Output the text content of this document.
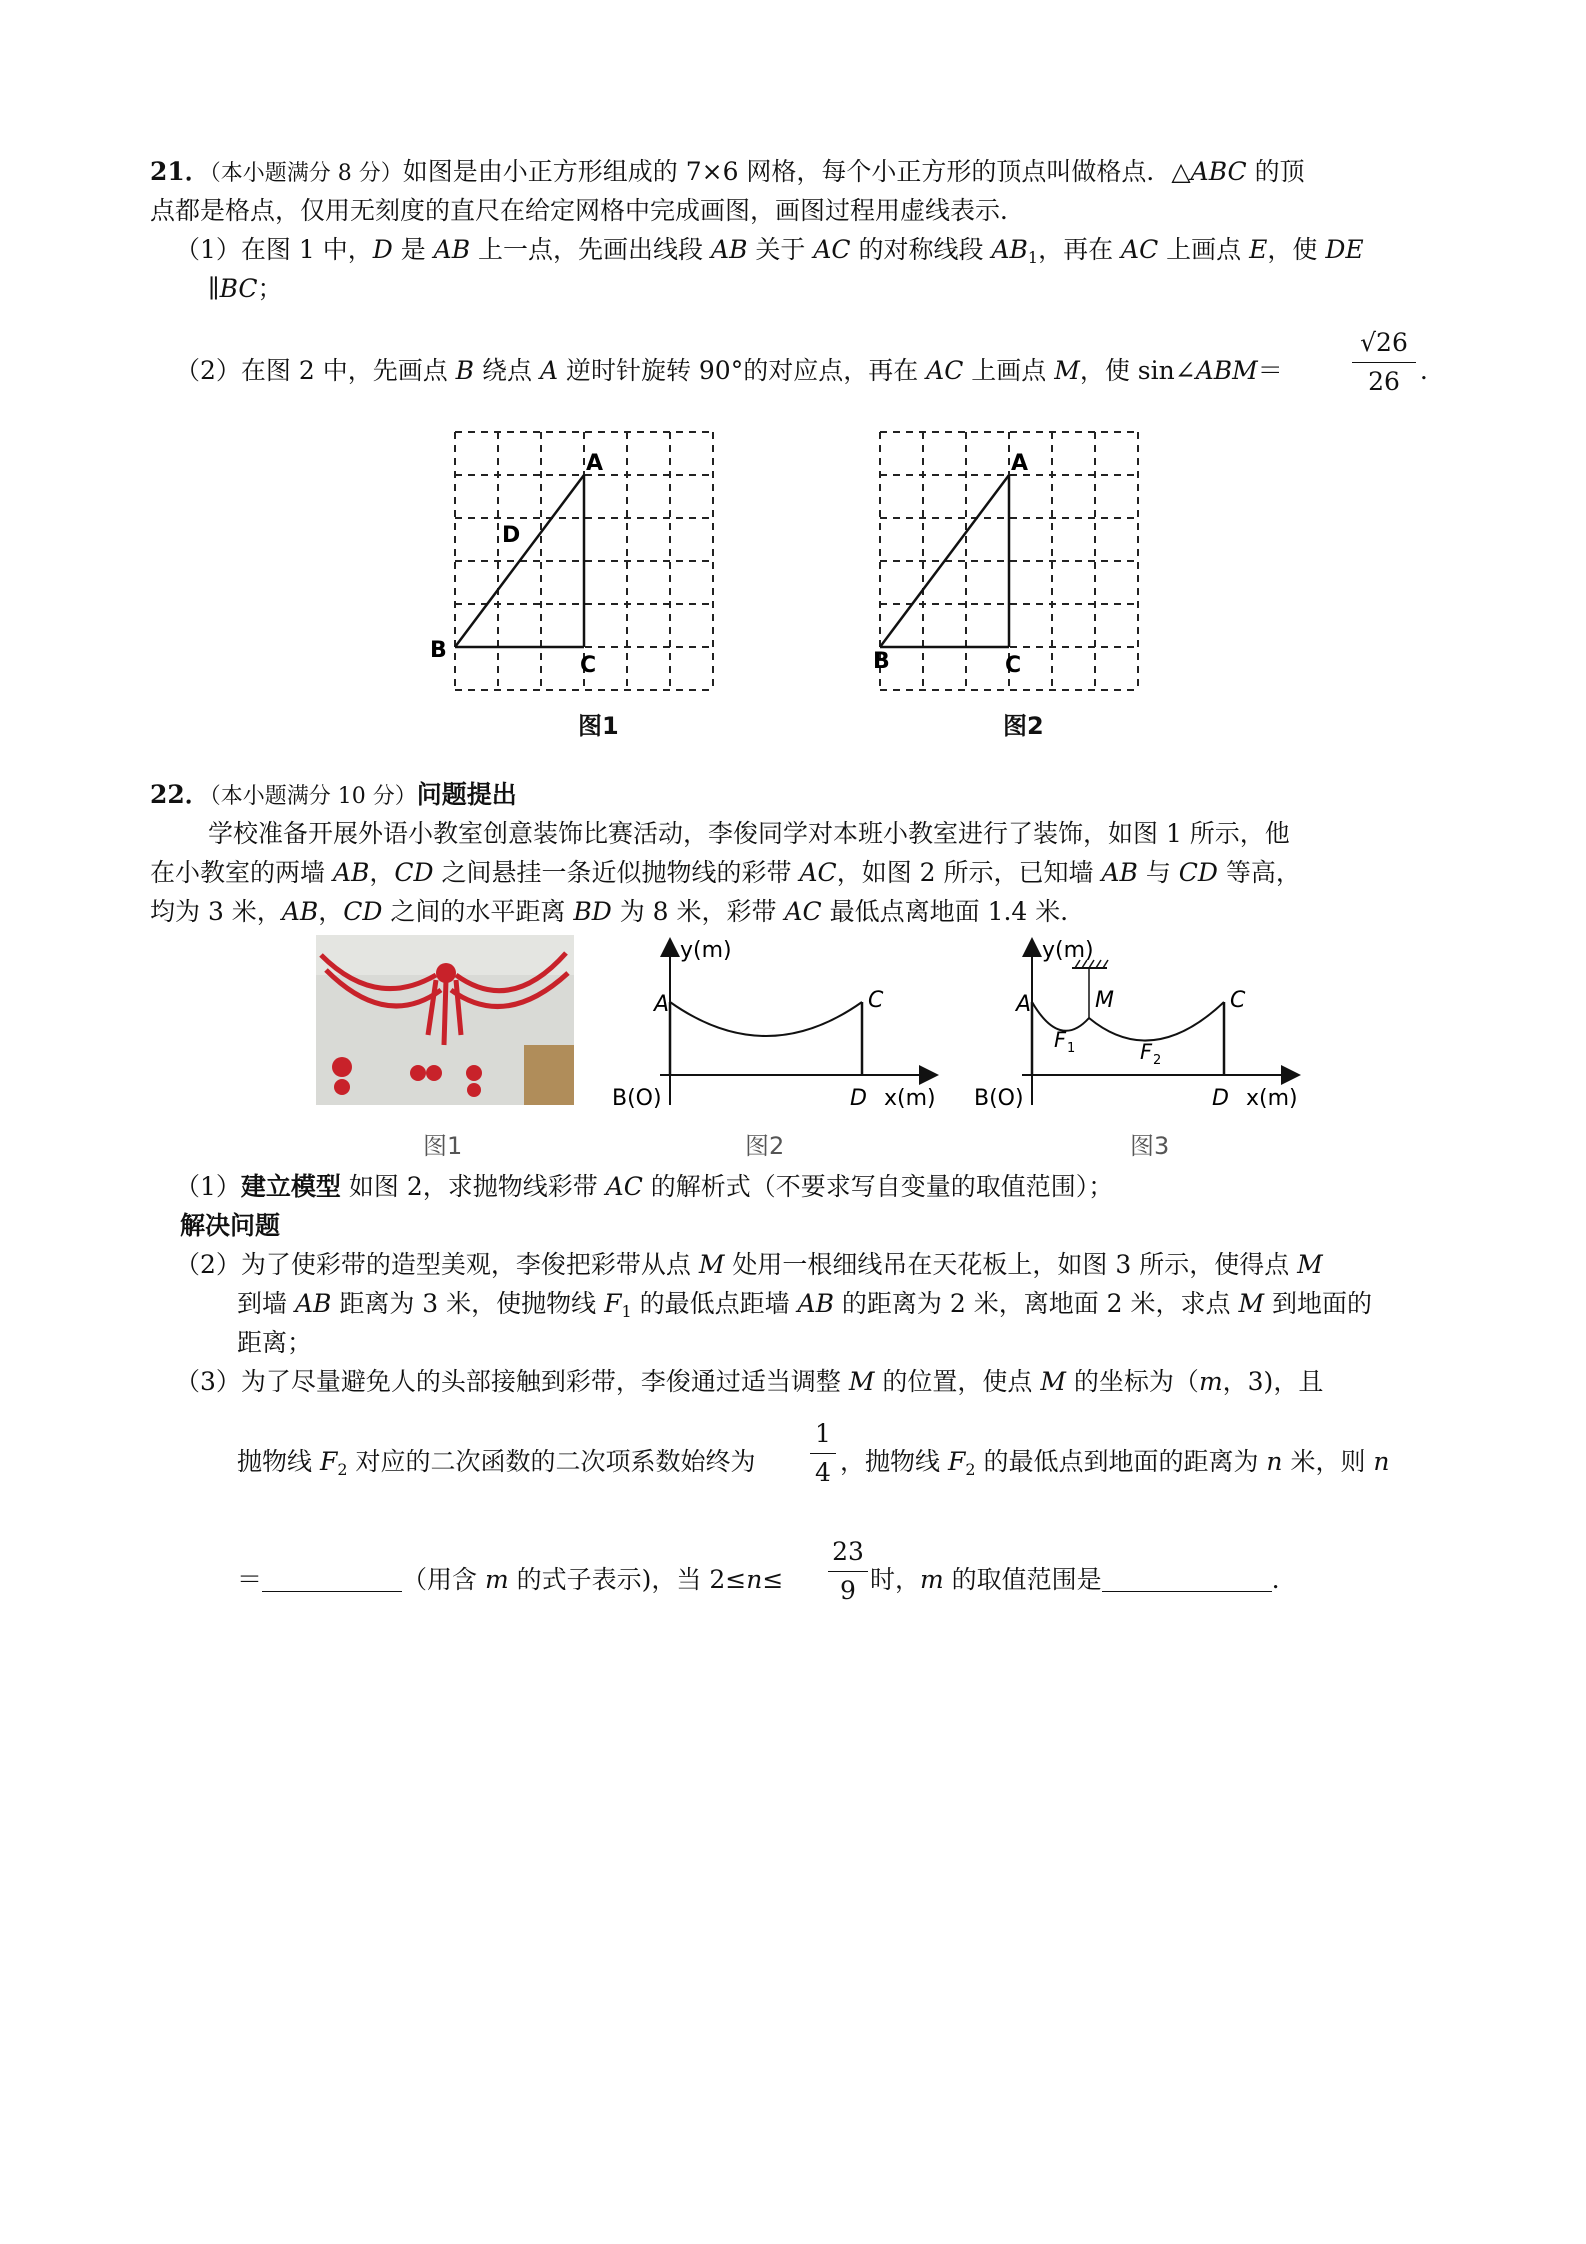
21．（本小题满分 8 分）如图是由小正方形组成的 7×6 网格，每个小正方形的顶点叫做格点．△ABC 的顶
点都是格点，仅用无刻度的直尺在给定网格中完成画图，画图过程用虚线表示．
（1）在图 1 中，D 是 AB 上一点，先画出线段 AB 关于 AC 的对称线段 $AB_1$，再在 AC 上画点 E，使 DE
∥BC；
（2）在图 2 中，先画点 B 绕点 A 逆时针旋转 90°的对应点，再在 AC 上画点 M，使 sin∠ABM＝
√26
26 ．
A
B
C
D
图1
A
B	C
图2
22．（本小题满分 10 分）问题提出
学校准备开展外语小教室创意装饰比赛活动，李俊同学对本班小教室进行了装饰，如图 1 所示，他
在小教室的两墙 AB，CD 之间悬挂一条近似抛物线的彩带 AC，如图 2 所示，已知墙 AB 与 CD 等高，
均为 3 米，AB，CD 之间的水平距离 BD 为 8 米，彩带 AC 最低点离地面 1.4 米．
y(m)
A	C
B(O)	D x(m)
y(m)
A	M	C
F 1	F 2
B(O)	D x(m)
图1	图2	图3
（1）建立模型 如图 2，求抛物线彩带 AC 的解析式（不要求写自变量的取值范围）；
解决问题
（2）为了使彩带的造型美观，李俊把彩带从点 M 处用一根细线吊在天花板上，如图 3 所示，使得点 M
到墙 AB 距离为 3 米，使抛物线 $F_1$ 的最低点距墙 AB 的距离为 2 米，离地面 2 米，求点 M 到地面的
距离；
（3）为了尽量避免人的头部接触到彩带，李俊通过适当调整 M 的位置，使点 M 的坐标为（m，3)，且
抛物线 $F_2$ 对应的二次函数的二次项系数始终为
1
4 ，抛物线 $F_2$ 的最低点到地面的距离为 n 米，则 n
＝	（用含 m 的式子表示)，当 2≤n≤
23
9 时，m 的取值范围是	．
